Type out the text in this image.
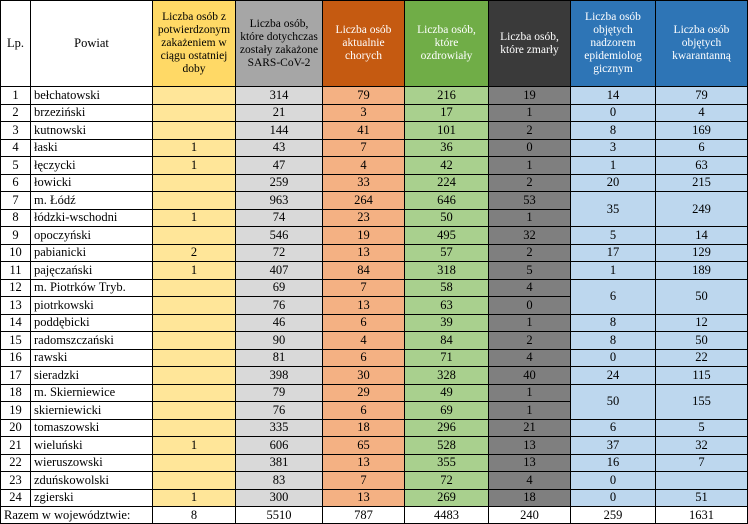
Lp.	Powiat	Liczba osób z potwierdzonym zakażeniem w ciągu ostatniej doby	Liczba osób, które dotychczas zostały zakażone SARS-CoV-2	Liczba osób aktualnie chorych	Liczba osób, które ozdrowiały	Liczba osób, które zmarły	Liczba osób objętych nadzorem epidemiolog gicznym	Liczba osób objętych kwarantanną
1	bełchatowski		314	79	216	19	14	79
2	brzeziński		21	3	17	1	0	4
3	kutnowski		144	41	101	2	8	169
4	łaski	1	43	7	36	0	3	6
5	łęczycki	1	47	4	42	1	1	63
6	łowicki		259	33	224	2	20	215
7	m. Łódź		963	264	646	53	35	249
8	łódzki-wschodni	1	74	23	50	1		
9	opoczyński		546	19	495	32	5	14
10	pabianicki	2	72	13	57	2	17	129
11	pajęczański	1	407	84	318	5	1	189
12	m. Piotrków Tryb.		69	7	58	4	6	50
13	piotrkowski		76	13	63	0		
14	poddębicki		46	6	39	1	8	12
15	radomszczański		90	4	84	2	8	50
16	rawski		81	6	71	4	0	22
17	sieradzki		398	30	328	40	24	115
18	m. Skierniewice		79	29	49	1	50	155
19	skierniewicki		76	6	69	1		
20	tomaszowski		335	18	296	21	6	5
21	wieluński	1	606	65	528	13	37	32
22	wieruszowski		381	13	355	13	16	7
23	zduńskowolski		83	7	72	4	0	
24	zgierski	1	300	13	269	18	0	51
Razem w województwie:		8	5510	787	4483	240	259	1631
